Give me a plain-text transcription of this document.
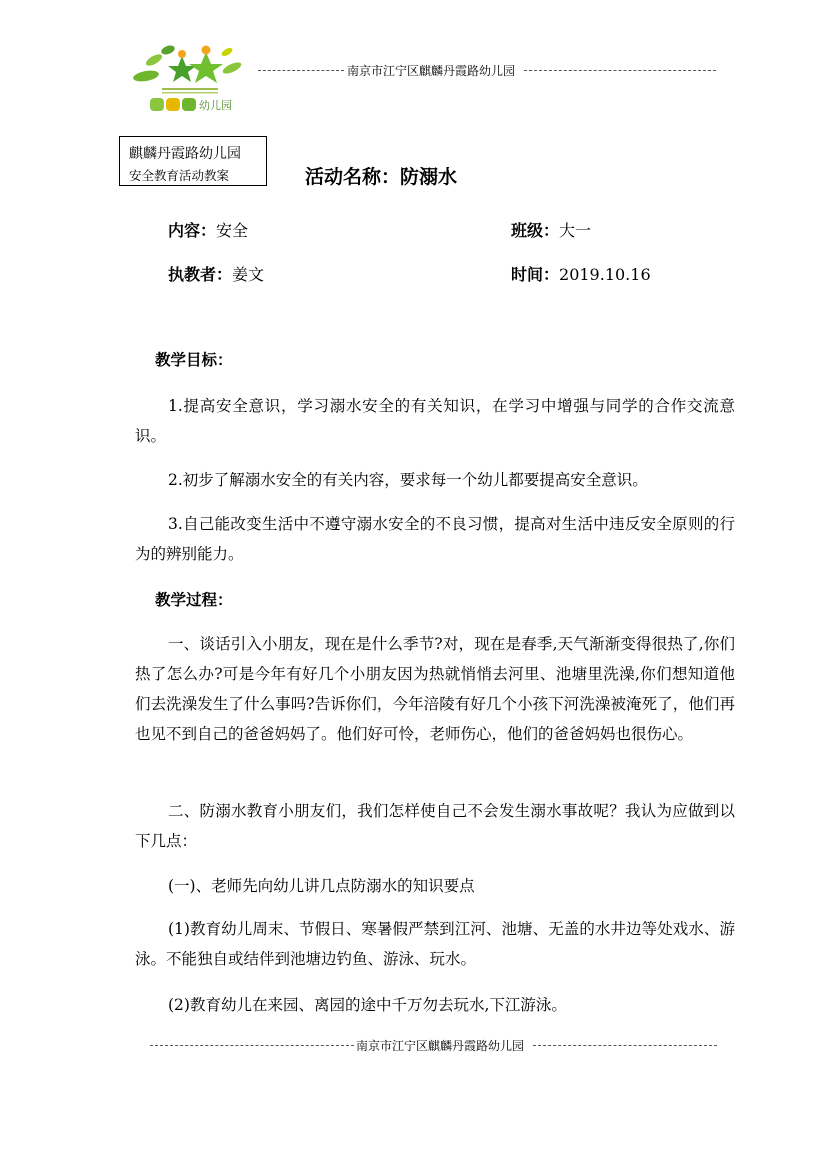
幼儿园
南京市江宁区麒麟丹霞路幼儿园
麒麟丹霞路幼儿园
安全教育活动教案	活动名称：防溺水
内容：安全	班级：大一
执教者：姜文	时间：2019.10.16
教学目标：
1.提高安全意识，学习溺水安全的有关知识，在学习中增强与同学的合作交流意识。
2.初步了解溺水安全的有关内容，要求每一个幼儿都要提高安全意识。
3.自己能改变生活中不遵守溺水安全的不良习惯，提高对生活中违反安全原则的行为的辨别能力。
教学过程：
一、谈话引入小朋友，现在是什么季节?对，现在是春季,天气渐渐变得很热了,你们热了怎么办?可是今年有好几个小朋友因为热就悄悄去河里、池塘里洗澡,你们想知道他们去洗澡发生了什么事吗?告诉你们，今年涪陵有好几个小孩下河洗澡被淹死了，他们再也见不到自己的爸爸妈妈了。他们好可怜，老师伤心，他们的爸爸妈妈也很伤心。
二、防溺水教育小朋友们，我们怎样使自己不会发生溺水事故呢？我认为应做到以下几点：
(一)、老师先向幼儿讲几点防溺水的知识要点
(1)教育幼儿周末、节假日、寒暑假严禁到江河、池塘、无盖的水井边等处戏水、游泳。不能独自或结伴到池塘边钓鱼、游泳、玩水。
(2)教育幼儿在来园、离园的途中千万勿去玩水,下江游泳。
南京市江宁区麒麟丹霞路幼儿园
